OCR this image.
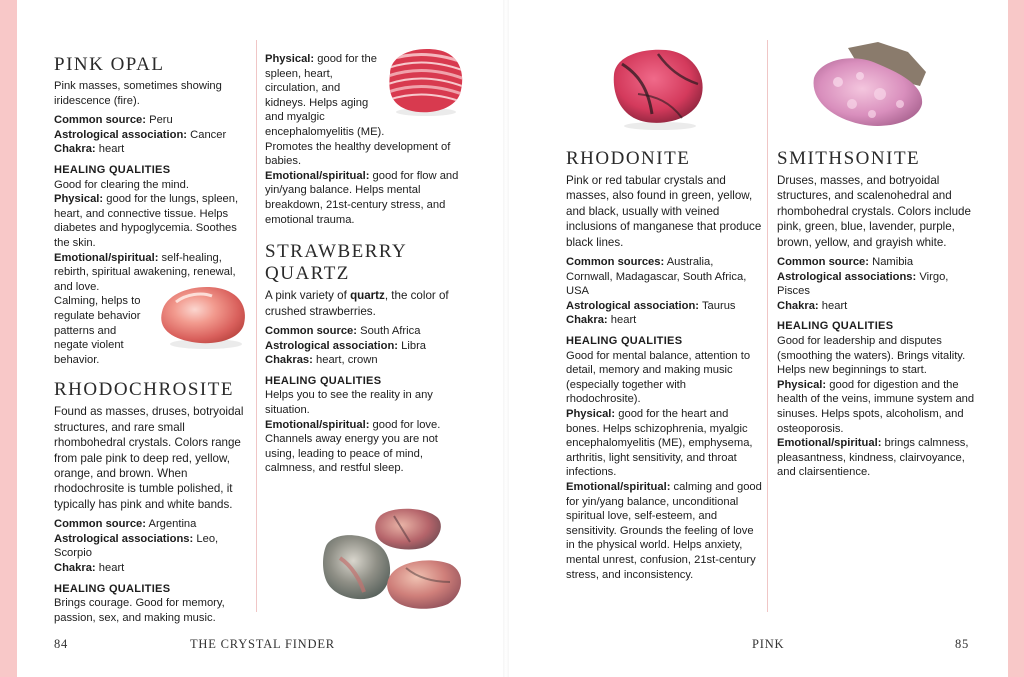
PINK OPAL

Pink masses, sometimes showing iridescence (fire).

Common source: Peru

Astrological association: Cancer

Chakra: heart

HEALING QUALITIES

Good for clearing the mind.

Physical: good for the lungs, spleen, heart, and connective tissue. Helps diabetes and hypoglycemia. Soothes the skin.

Emotional/spiritual: self-healing, rebirth, spiritual awakening, renewal, and love.

Calming, helps to

regulate behavior

patterns and

negate violent

behavior.

RHODOCHROSITE

Found as masses, druses, botryoidal structures, and rare small rhombohedral crystals. Colors range from pale pink to deep red, yellow, orange, and brown. When rhodochrosite is tumble polished, it typically has pink and white bands.

Common source: Argentina

Astrological associations: Leo, Scorpio

Chakra: heart

HEALING QUALITIES

Brings courage. Good for memory, passion, sex, and making music.

Physical: good for the

spleen, heart,

circulation, and

kidneys. Helps aging

and myalgic

encephalomyelitis (ME).

Promotes the healthy development of babies.

Emotional/spiritual: good for flow and yin/yang balance. Helps mental breakdown, 21st-century stress, and emotional trauma.

STRAWBERRY QUARTZ

A pink variety of quartz, the color of crushed strawberries.

Common source: South Africa

Astrological association: Libra

Chakras: heart, crown

HEALING QUALITIES

Helps you to see the reality in any situation.

Emotional/spiritual: good for love. Channels away energy you are not using, leading to peace of mind, calmness, and restful sleep.

RHODONITE

Pink or red tabular crystals and masses, also found in green, yellow, and black, usually with veined inclusions of manganese that produce black lines.

Common sources: Australia, Cornwall, Madagascar, South Africa, USA

Astrological association: Taurus

Chakra: heart

HEALING QUALITIES

Good for mental balance, attention to detail, memory and making music (especially together with rhodochrosite).

Physical: good for the heart and bones. Helps schizophrenia, myalgic encephalomyelitis (ME), emphysema, arthritis, light sensitivity, and throat infections.

Emotional/spiritual: calming and good for yin/yang balance, unconditional spiritual love, self-esteem, and sensitivity. Grounds the feeling of love in the physical world. Helps anxiety, mental unrest, confusion, 21st-century stress, and inconsistency.

SMITHSONITE

Druses, masses, and botryoidal structures, and scalenohedral and rhombohedral crystals. Colors include pink, green, blue, lavender, purple, brown, yellow, and grayish white.

Common source: Namibia

Astrological associations: Virgo, Pisces

Chakra: heart

HEALING QUALITIES

Good for leadership and disputes (smoothing the waters). Brings vitality. Helps new beginnings to start.

Physical: good for digestion and the health of the veins, immune system and sinuses. Helps spots, alcoholism, and osteoporosis.

Emotional/spiritual: brings calmness, pleasantness, kindness, clairvoyance, and clairsentience.

84	THE CRYSTAL FINDER	PINK	85
